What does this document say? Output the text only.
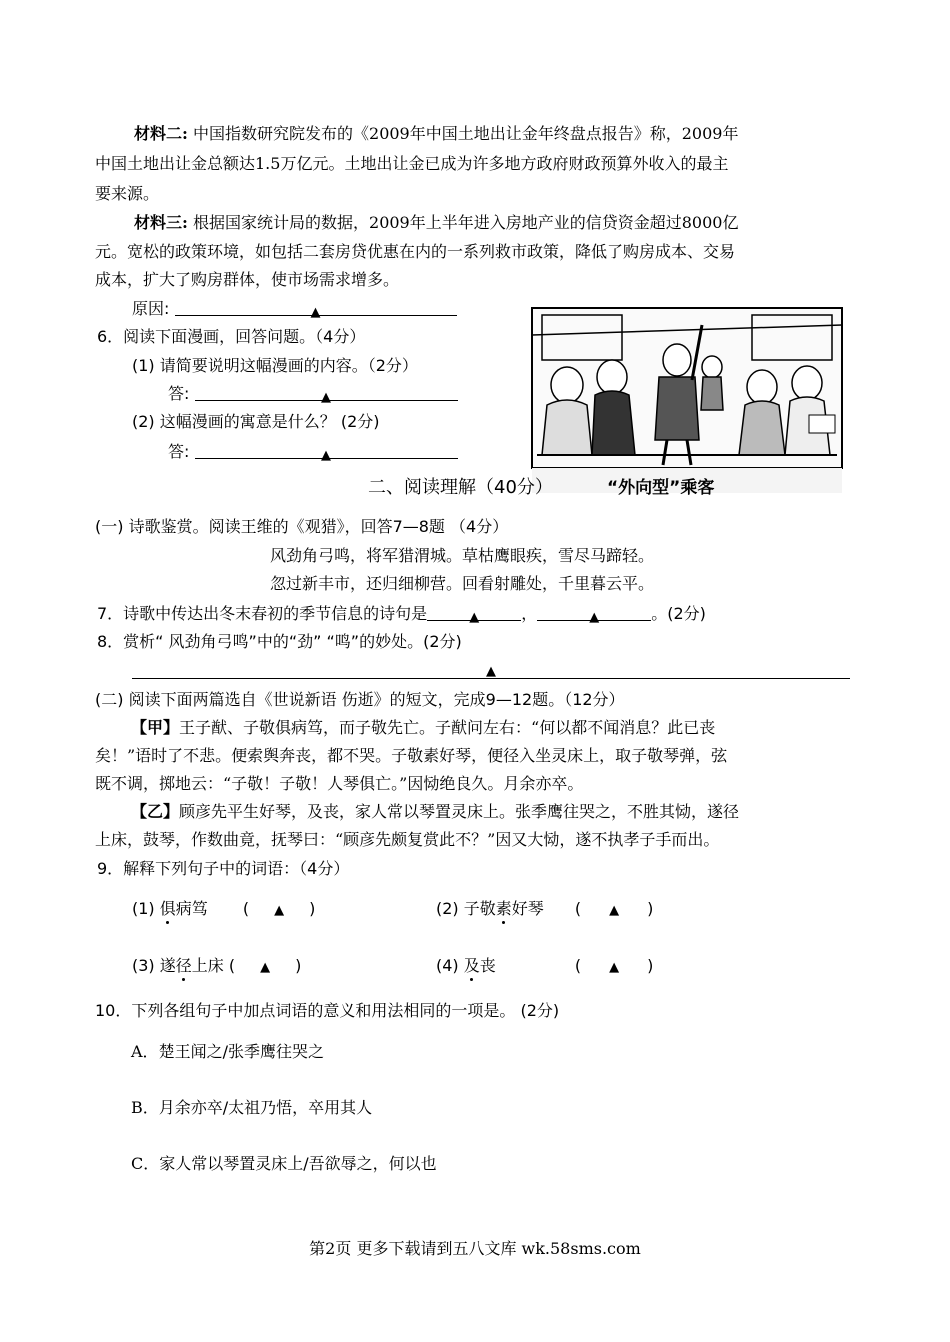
材料二: 中国指数研究院发布的《2009年中国土地出让金年终盘点报告》称，2009年
中国土地出让金总额达1.5万亿元。土地出让金已成为许多地方政府财政预算外收入的最主
要来源。
材料三: 根据国家统计局的数据，2009年上半年进入房地产业的信贷资金超过8000亿
元。宽松的政策环境，如包括二套房贷优惠在内的一系列救市政策，降低了购房成本、交易
成本，扩大了购房群体，使市场需求增多。
原因:	▲
6．阅读下面漫画，回答问题。（4分）
(1) 请简要说明这幅漫画的内容。（2分）
答:	▲
(2) 这幅漫画的寓意是什么？ (2分)
答:	▲
二、阅读理解（40分）	“外向型”乘客
(一) 诗歌鉴赏。阅读王维的《观猎》，回答7—8题 （4分）
风劲角弓鸣，将军猎渭城。草枯鹰眼疾，雪尽马蹄轻。
忽过新丰市，还归细柳营。回看射雕处，千里暮云平。
7．诗歌中传达出冬末春初的季节信息的诗句是	▲	，	▲	。(2分)
8．赏析“ 风劲角弓鸣”中的“劲” “鸣”的妙处。(2分)
▲
(二) 阅读下面两篇选自《世说新语 伤逝》的短文，完成9—12题。（12分）
【甲】王子猷、子敬俱病笃，而子敬先亡。子猷问左右：“何以都不闻消息？此已丧
矣！”语时了不悲。便索舆奔丧，都不哭。子敬素好琴，便径入坐灵床上，取子敬琴弹，弦
既不调，掷地云：“子敬！子敬！人琴俱亡。”因恸绝良久。月余亦卒。
【乙】顾彦先平生好琴，及丧，家人常以琴置灵床上。张季鹰往哭之，不胜其恸，遂径
上床，鼓琴，作数曲竟，抚琴曰：“顾彦先颇复赏此不？”因又大恸，遂不执孝子手而出。
9．解释下列句子中的词语：（4分）
(1) 俱病笃 ( ▲ )	(2) 子敬素好琴 ( ▲ )
(3) 遂径上床 ( ▲ )	(4) 及丧	( ▲ )
10．下列各组句子中加点词语的意义和用法相同的一项是。 (2分)
A．楚王闻之/张季鹰往哭之
B．月余亦卒/太祖乃悟，卒用其人
C．家人常以琴置灵床上/吾欲辱之，何以也
第2页 更多下载请到五八文库 wk.58sms.com
